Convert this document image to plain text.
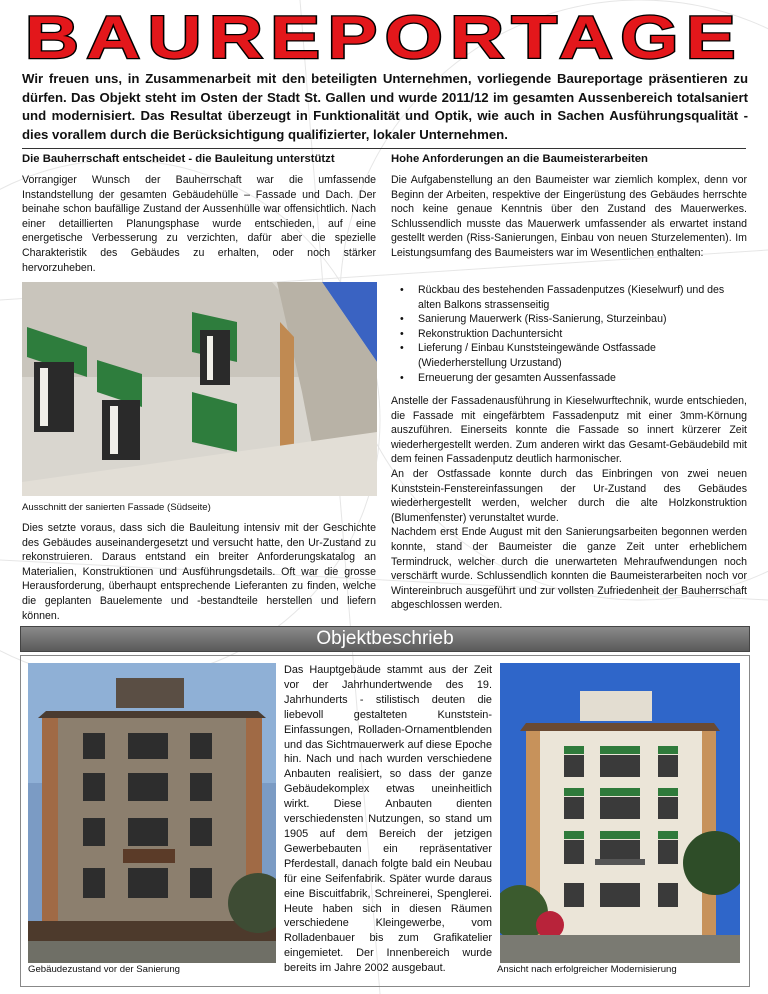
BAUREPORTAGE
Wir freuen uns, in Zusammenarbeit mit den beteiligten Unternehmen, vorliegende Baureportage präsentieren zu dürfen. Das Objekt steht im Osten der Stadt St. Gallen und wurde 2011/12 im gesamten Aussenbereich totalsaniert und modernisiert. Das Resultat überzeugt in Funktionalität und Optik, wie auch in Sachen Ausführungsqualität - dies vorallem durch die Berücksichtigung qualifizierter, lokaler Unternehmen.
Die Bauherrschaft entscheidet - die Bauleitung unterstützt
Vorrangiger Wunsch der Bauherrschaft war die umfassende Instandstellung der gesamten Gebäudehülle – Fassade und Dach. Der beinahe schon baufällige Zustand der Aussenhülle war offensichtlich. Nach einer detaillierten Planungsphase wurde entschieden, auf eine energetische Verbesserung zu verzichten, dafür aber die spezielle Charakteristik des Gebäudes zu erhalten, oder noch stärker hervorzuheben.
Ausschnitt der sanierten Fassade (Südseite)
Dies setzte voraus, dass sich die Bauleitung intensiv mit der Geschichte des Gebäudes auseinandergesetzt und versucht hatte, den Ur-Zustand zu rekonstruieren. Daraus entstand ein breiter Anforderungskatalog an Materialien, Konstruktionen und Ausführungsdetails. Oft war die grosse Herausforderung, überhaupt entsprechende Lieferanten zu finden, welche die geplanten Bauelemente und -bestandteile herstellen und liefern können.
Hohe Anforderungen an die Baumeisterarbeiten
Die Aufgabenstellung an den Baumeister war ziemlich komplex, denn vor Beginn der Arbeiten, respektive der Eingerüstung des Gebäudes herrschte noch keine genaue Kenntnis über den Zustand des Mauerwerkes. Schlussendlich musste das Mauerwerk umfassender als erwartet instand gestellt werden (Riss-Sanierungen, Einbau von neuen Sturzelementen). Im Leistungsumfang des Baumeisters war im Wesentlichen enthalten:
• Rückbau des bestehenden Fassadenputzes (Kieselwurf) und des alten Balkons strassenseitig
• Sanierung Mauerwerk (Riss-Sanierung, Sturzeinbau)
• Rekonstruktion Dachuntersicht
• Lieferung / Einbau Kunststeingewände Ostfassade (Wiederherstellung Urzustand)
• Erneuerung der gesamten Aussenfassade
Anstelle der Fassadenausführung in Kieselwurftechnik, wurde entschieden, die Fassade mit eingefärbtem Fassadenputz mit einer 3mm-Körnung auszuführen. Einerseits konnte die Fassade so innert kürzerer Zeit wiederhergestellt werden. Zum anderen wirkt das Gesamt-Gebäudebild mit dem feinen Fassadenputz deutlich harmonischer.
An der Ostfassade konnte durch das Einbringen von zwei neuen Kunststein-Fenstereinfassungen der Ur-Zustand des Gebäudes wiederhergestellt werden, welcher durch die alte Holzkonstruktion (Blumenfenster) verunstaltet wurde.
Nachdem erst Ende August mit den Sanierungsarbeiten begonnen werden konnte, stand der Baumeister die ganze Zeit unter erheblichem Termindruck, welcher durch die unerwarteten Mehraufwendungen noch verschärft wurde. Schlussendlich konnten die Baumeisterarbeiten noch vor Wintereinbruch ausgeführt und zur vollsten Zufriedenheit der Bauherrschaft abgeschlossen werden.
Objektbeschrieb
Gebäudezustand vor der Sanierung
Das Hauptgebäude stammt aus der Zeit vor der Jahrhundertwende des 19. Jahrhunderts - stilistisch deuten die liebevoll gestalteten Kunststein-Einfassungen, Rolladen-Ornamentblenden und das Sichtmauerwerk auf diese Epoche hin. Nach und nach wurden verschiedene Anbauten realisiert, so dass der ganze Gebäudekomplex etwas uneinheitlich wirkt. Diese Anbauten dienten verschiedensten Nutzungen, so stand um 1905 auf dem Bereich der jetzigen Gewerbebauten ein repräsentativer Pferdestall, danach folgte bald ein Neubau für eine Seifenfabrik. Später wurde daraus eine Biscuitfabrik, Schreinerei, Spenglerei. Heute haben sich in diesen Räumen verschiedene Kleingewerbe, vom Rolladenbauer bis zum Grafikatelier eingemietet. Der Innenbereich wurde bereits im Jahre 2002 ausgebaut.	Ansicht nach erfolgreicher Modernisierung
